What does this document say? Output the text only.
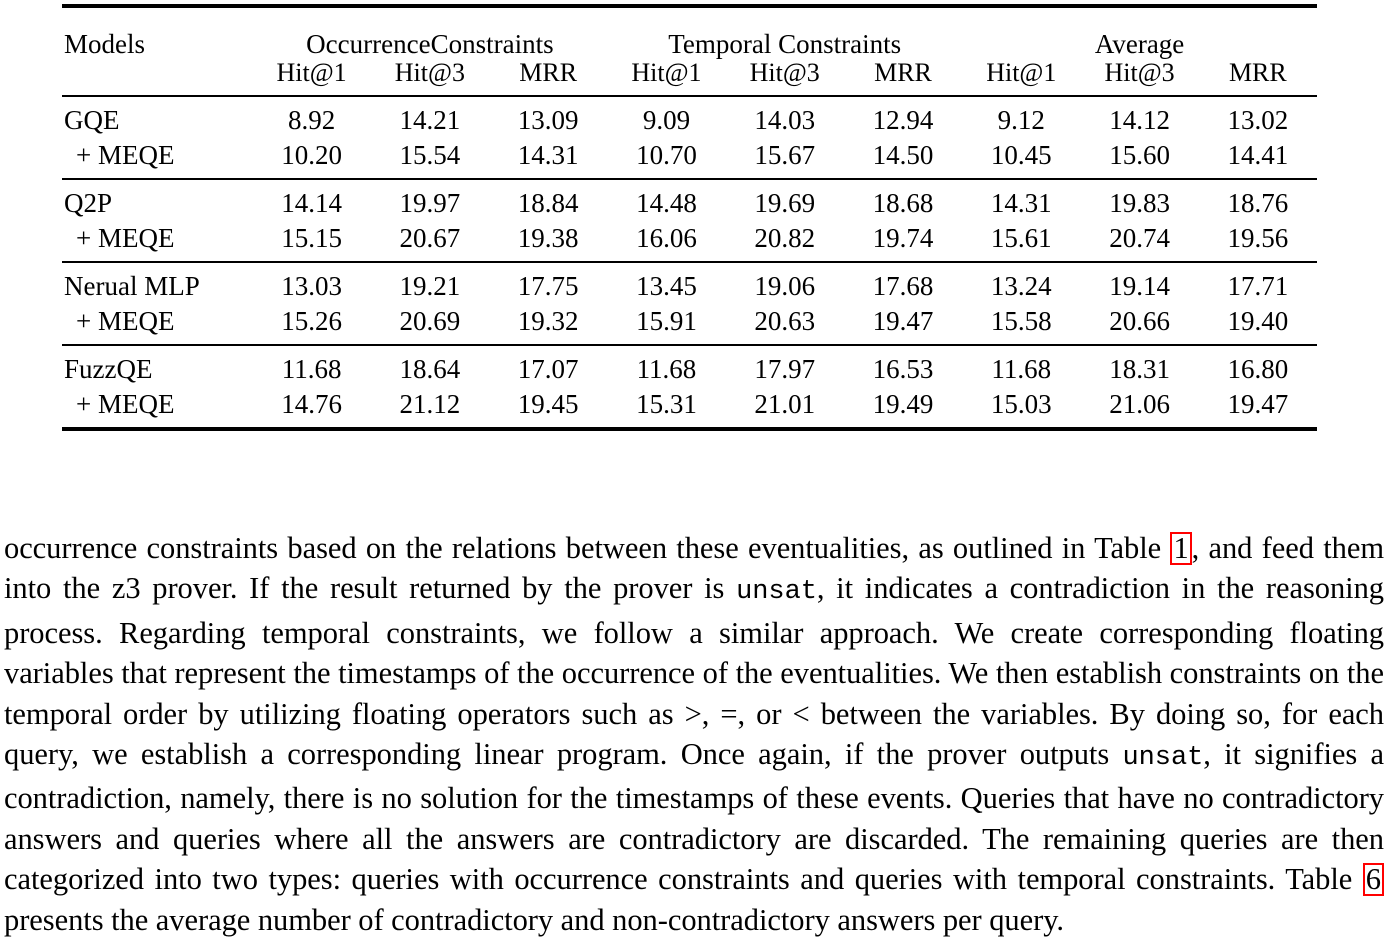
Models	OccurrenceConstraints			Temporal Constraints			Average		
	Hit@1	Hit@3	MRR	Hit@1	Hit@3	MRR	Hit@1	Hit@3	MRR

GQE	8.92	14.21	13.09	9.09	14.03	12.94	9.12	14.12	13.02
+ MEQE	10.20	15.54	14.31	10.70	15.67	14.50	10.45	15.60	14.41

Q2P	14.14	19.97	18.84	14.48	19.69	18.68	14.31	19.83	18.76
+ MEQE	15.15	20.67	19.38	16.06	20.82	19.74	15.61	20.74	19.56

Nerual MLP	13.03	19.21	17.75	13.45	19.06	17.68	13.24	19.14	17.71
+ MEQE	15.26	20.69	19.32	15.91	20.63	19.47	15.58	20.66	19.40

FuzzQE	11.68	18.64	17.07	11.68	17.97	16.53	11.68	18.31	16.80
+ MEQE	14.76	21.12	19.45	15.31	21.01	19.49	15.03	21.06	19.47

occurrence constraints based on the relations between these eventualities, as outlined in Table 1, and feed them into the z3 prover. If the result returned by the prover is unsat, it indicates a contradiction in the reasoning process. Regarding temporal constraints, we follow a similar approach. We create corresponding floating variables that represent the timestamps of the occurrence of the eventualities. We then establish constraints on the temporal order by utilizing floating operators such as >, =, or < between the variables. By doing so, for each query, we establish a corresponding linear program. Once again, if the prover outputs unsat, it signifies a contradiction, namely, there is no solution for the timestamps of these events. Queries that have no contradictory answers and queries where all the answers are contradictory are discarded. The remaining queries are then categorized into two types: queries with occurrence constraints and queries with temporal constraints. Table 6 presents the average number of contradictory and non-contradictory answers per query.
